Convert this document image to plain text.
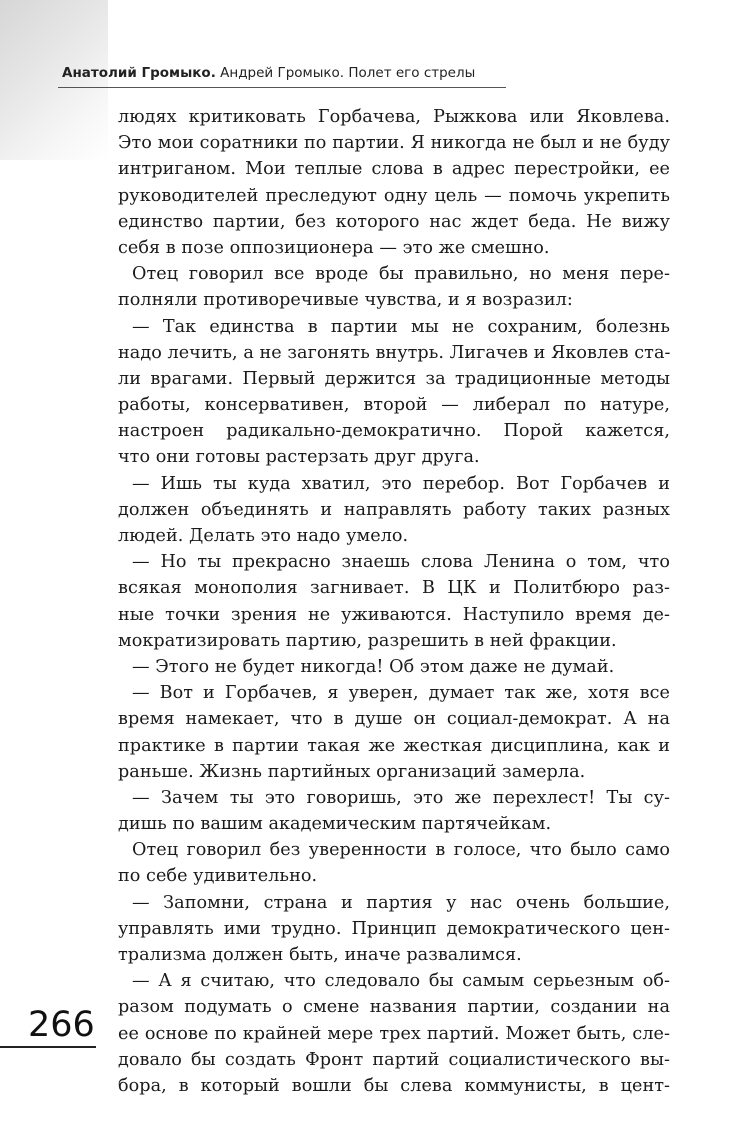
Анатолий Громыко. Андрей Громыко. Полет его стрелы
людях критиковать Горбачева, Рыжкова или Яковлева.
Это мои соратники по партии. Я никогда не был и не буду
интриганом. Мои теплые слова в адрес перестройки, ее
руководителей преследуют одну цель — помочь укрепить
единство партии, без которого нас ждет беда. Не вижу
себя в позе оппозиционера — это же смешно.
Отец говорил все вроде бы правильно, но меня пере-
полняли противоречивые чувства, и я возразил:
— Так единства в партии мы не сохраним, болезнь
надо лечить, а не загонять внутрь. Лигачев и Яковлев ста-
ли врагами. Первый держится за традиционные методы
работы, консервативен, второй — либерал по натуре,
настроен радикально-демократично. Порой кажется,
что они готовы растерзать друг друга.
— Ишь ты куда хватил, это перебор. Вот Горбачев и
должен объединять и направлять работу таких разных
людей. Делать это надо умело.
— Но ты прекрасно знаешь слова Ленина о том, что
всякая монополия загнивает. В ЦК и Политбюро раз-
ные точки зрения не уживаются. Наступило время де-
мократизировать партию, разрешить в ней фракции.
— Этого не будет никогда! Об этом даже не думай.
— Вот и Горбачев, я уверен, думает так же, хотя все
время намекает, что в душе он социал-демократ. А на
практике в партии такая же жесткая дисциплина, как и
раньше. Жизнь партийных организаций замерла.
— Зачем ты это говоришь, это же перехлест! Ты су-
дишь по вашим академическим партячейкам.
Отец говорил без уверенности в голосе, что было само
по себе удивительно.
— Запомни, страна и партия у нас очень большие,
управлять ими трудно. Принцип демократического цен-
трализма должен быть, иначе развалимся.
— А я считаю, что следовало бы самым серьезным об-
разом подумать о смене названия партии, создании на
ее основе по крайней мере трех партий. Может быть, сле-
довало бы создать Фронт партий социалистического вы-
бора, в который вошли бы слева коммунисты, в цент-
266
